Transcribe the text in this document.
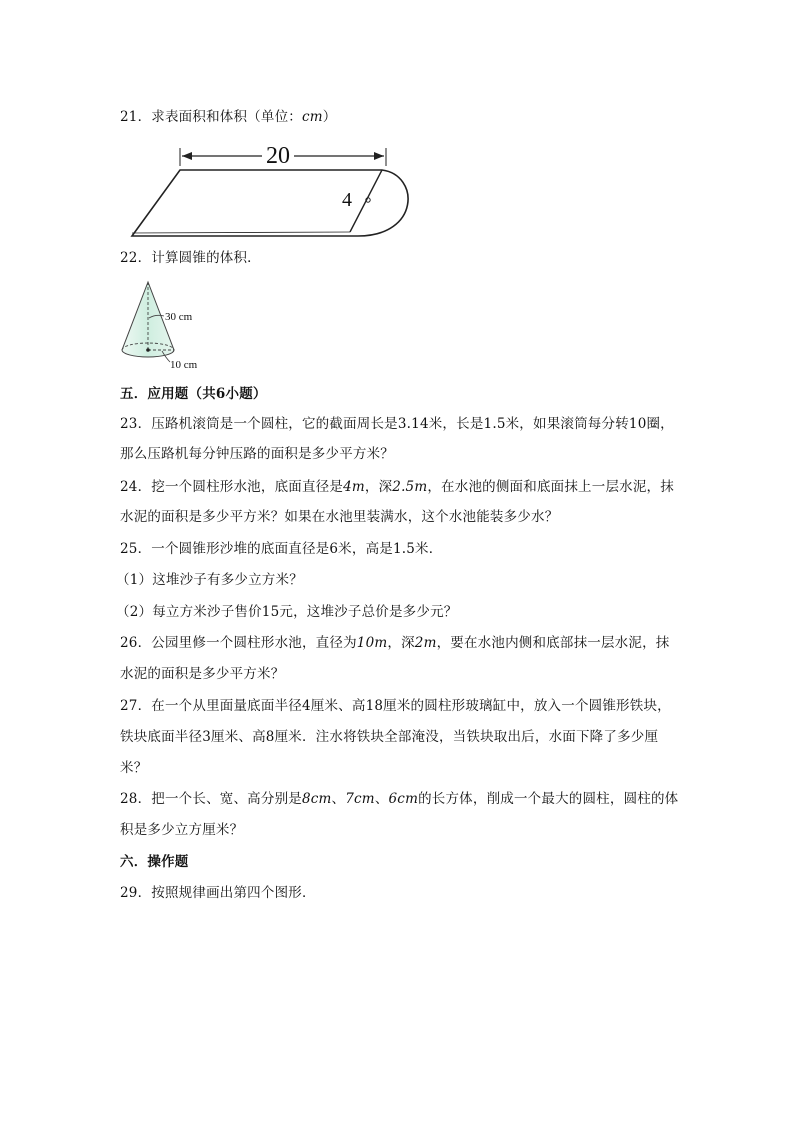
21．求表面积和体积（单位：cm）
20
4
22．计算圆锥的体积．
30 cm
10 cm
五．应用题（共6小题）
23．压路机滚筒是一个圆柱，它的截面周长是3.14米，长是1.5米，如果滚筒每分转10圈，
那么压路机每分钟压路的面积是多少平方米？
24．挖一个圆柱形水池，底面直径是4m，深2.5m，在水池的侧面和底面抹上一层水泥，抹
水泥的面积是多少平方米？如果在水池里装满水，这个水池能装多少水？
25．一个圆锥形沙堆的底面直径是6米，高是1.5米．
（1）这堆沙子有多少立方米？
（2）每立方米沙子售价15元，这堆沙子总价是多少元？
26．公园里修一个圆柱形水池，直径为10m，深2m，要在水池内侧和底部抹一层水泥，抹
水泥的面积是多少平方米？
27．在一个从里面量底面半径4厘米、高18厘米的圆柱形玻璃缸中，放入一个圆锥形铁块，
铁块底面半径3厘米、高8厘米．注水将铁块全部淹没，当铁块取出后，水面下降了多少厘
米？
28．把一个长、宽、高分别是8cm、7cm、6cm的长方体，削成一个最大的圆柱，圆柱的体
积是多少立方厘米？
六．操作题
29．按照规律画出第四个图形．
